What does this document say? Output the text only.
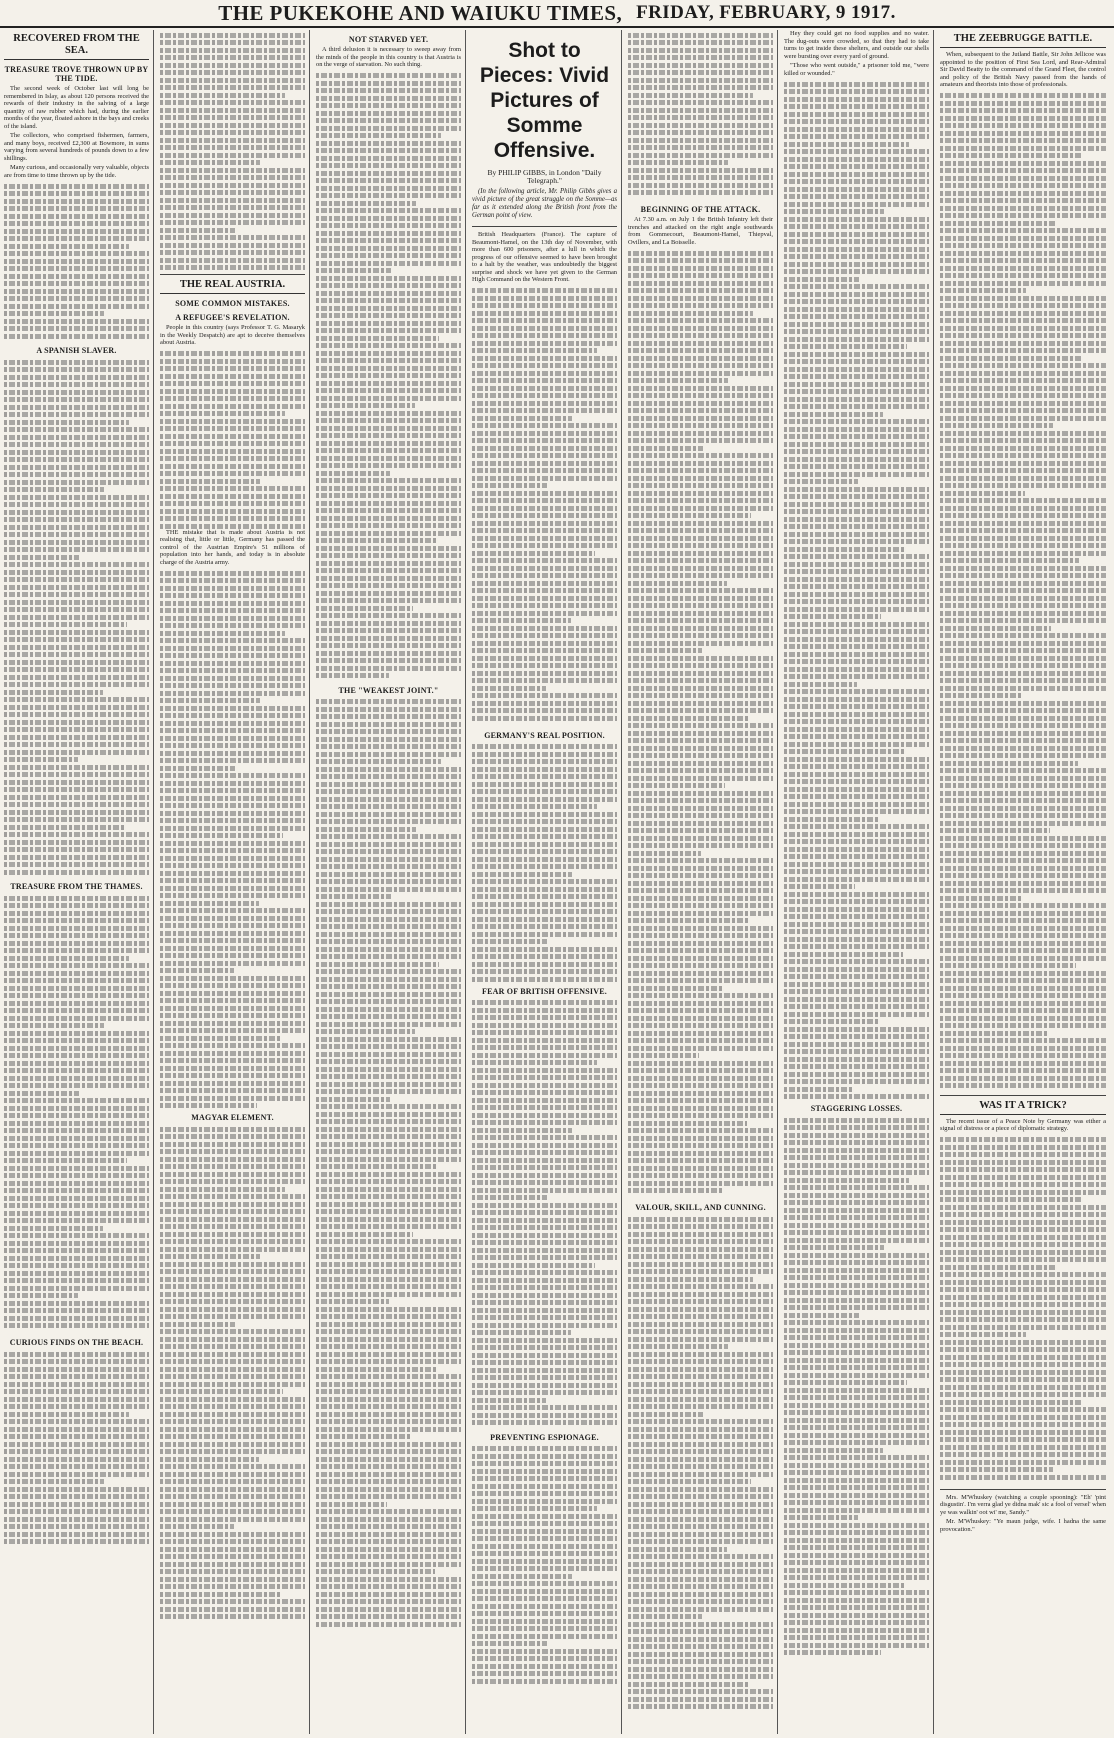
THE PUKEKOHE AND WAIUKU TIMES, FRIDAY, FEBRUARY, 9 1917.
RECOVERED FROM THE SEA.
TREASURE TROVE THROWN UP BY THE TIDE.

The second week of October last will long be remembered in Islay, as about 120 persons received the rewards of their industry in the salving of a large quantity of raw rubber which had, during the earlier months of the year, floated ashore in the bays and creeks of the island.

The collectors, who comprised fishermen, farmers, and many boys, received £2,300 at Bowmore, in sums varying from several hundreds of pounds down to a few shillings.

Many curious, and occasionally very valuable, objects are from time to time thrown up by the tide.

A SPANISH SLAVER.
TREASURE FROM THE THAMES.
CURIOUS FINDS ON THE BEACH.
THE REAL AUSTRIA.
SOME COMMON MISTAKES.
A REFUGEE'S REVELATION.

People in this country (says Professor T. G. Masaryk in the Weekly Despatch) are apt to deceive themselves about Austria.

THE mistake that is made about Austria is not realising that, little or little, Germany has passed the control of the Austrian Empire's 51 millions of population into her hands, and today is in absolute charge of the Austria army.

MAGYAR ELEMENT.
NOT STARVED YET.

A third delusion it is necessary to sweep away from the minds of the people in this country is that Austria is on the verge of starvation. No such thing.

THE "WEAKEST JOINT."
Shot to Pieces: Vivid Pictures of Somme Offensive.
By PHILIP GIBBS, in London "Daily Telegraph."
(In the following article, Mr. Philip Gibbs gives a vivid picture of the great struggle on the Somme—as far as it extended along the British front from the German point of view.

British Headquarters (France). The capture of Beaumont-Hamel, on the 13th day of November, with more than 600 prisoners, after a lull in which the progress of our offensive seemed to have been brought to a halt by the weather, was undoubtedly the biggest surprise and shock we have yet given to the German High Command on the Western Front.

GERMANY'S REAL POSITION.
FEAR OF BRITISH OFFENSIVE.
PREVENTING ESPIONAGE.
BEGINNING OF THE ATTACK.

At 7.30 a.m. on July 1 the British Infantry left their trenches and attacked on the right angle southwards from Gommecourt, Beaumont-Hamel, Thiepval, Ovillers, and La Boisselle.

VALOUR, SKILL, AND CUNNING.

Hey they could get no food supplies and no water. The dug-outs were crowded, so that they had to take turns to get inside these shelters, and outside our shells were bursting over every yard of ground.

"Those who went outside," a prisoner told me, "were killed or wounded."

STAGGERING LOSSES.
THE ZEEBRUGGE BATTLE.

When, subsequent to the Jutland Battle, Sir John Jellicoe was appointed to the position of First Sea Lord, and Rear-Admiral Sir David Beatty to the command of the Grand Fleet, the control and policy of the British Navy passed from the hands of amateurs and theorists into those of professionals.

WAS IT A TRICK?

The recent issue of a Peace Note by Germany was either a signal of distress or a piece of diplomatic strategy.

Mrs. M'Whuskey (watching a couple spooning): "Eh' 'pint disgustin'. I'm verra glad ye didna mak' sic a fool of versel' when ye was walkin' oot wi' me, Sandy."

Mr. M'Whuskey: "Ye maun judge, wife. I hadna the same provocation."
